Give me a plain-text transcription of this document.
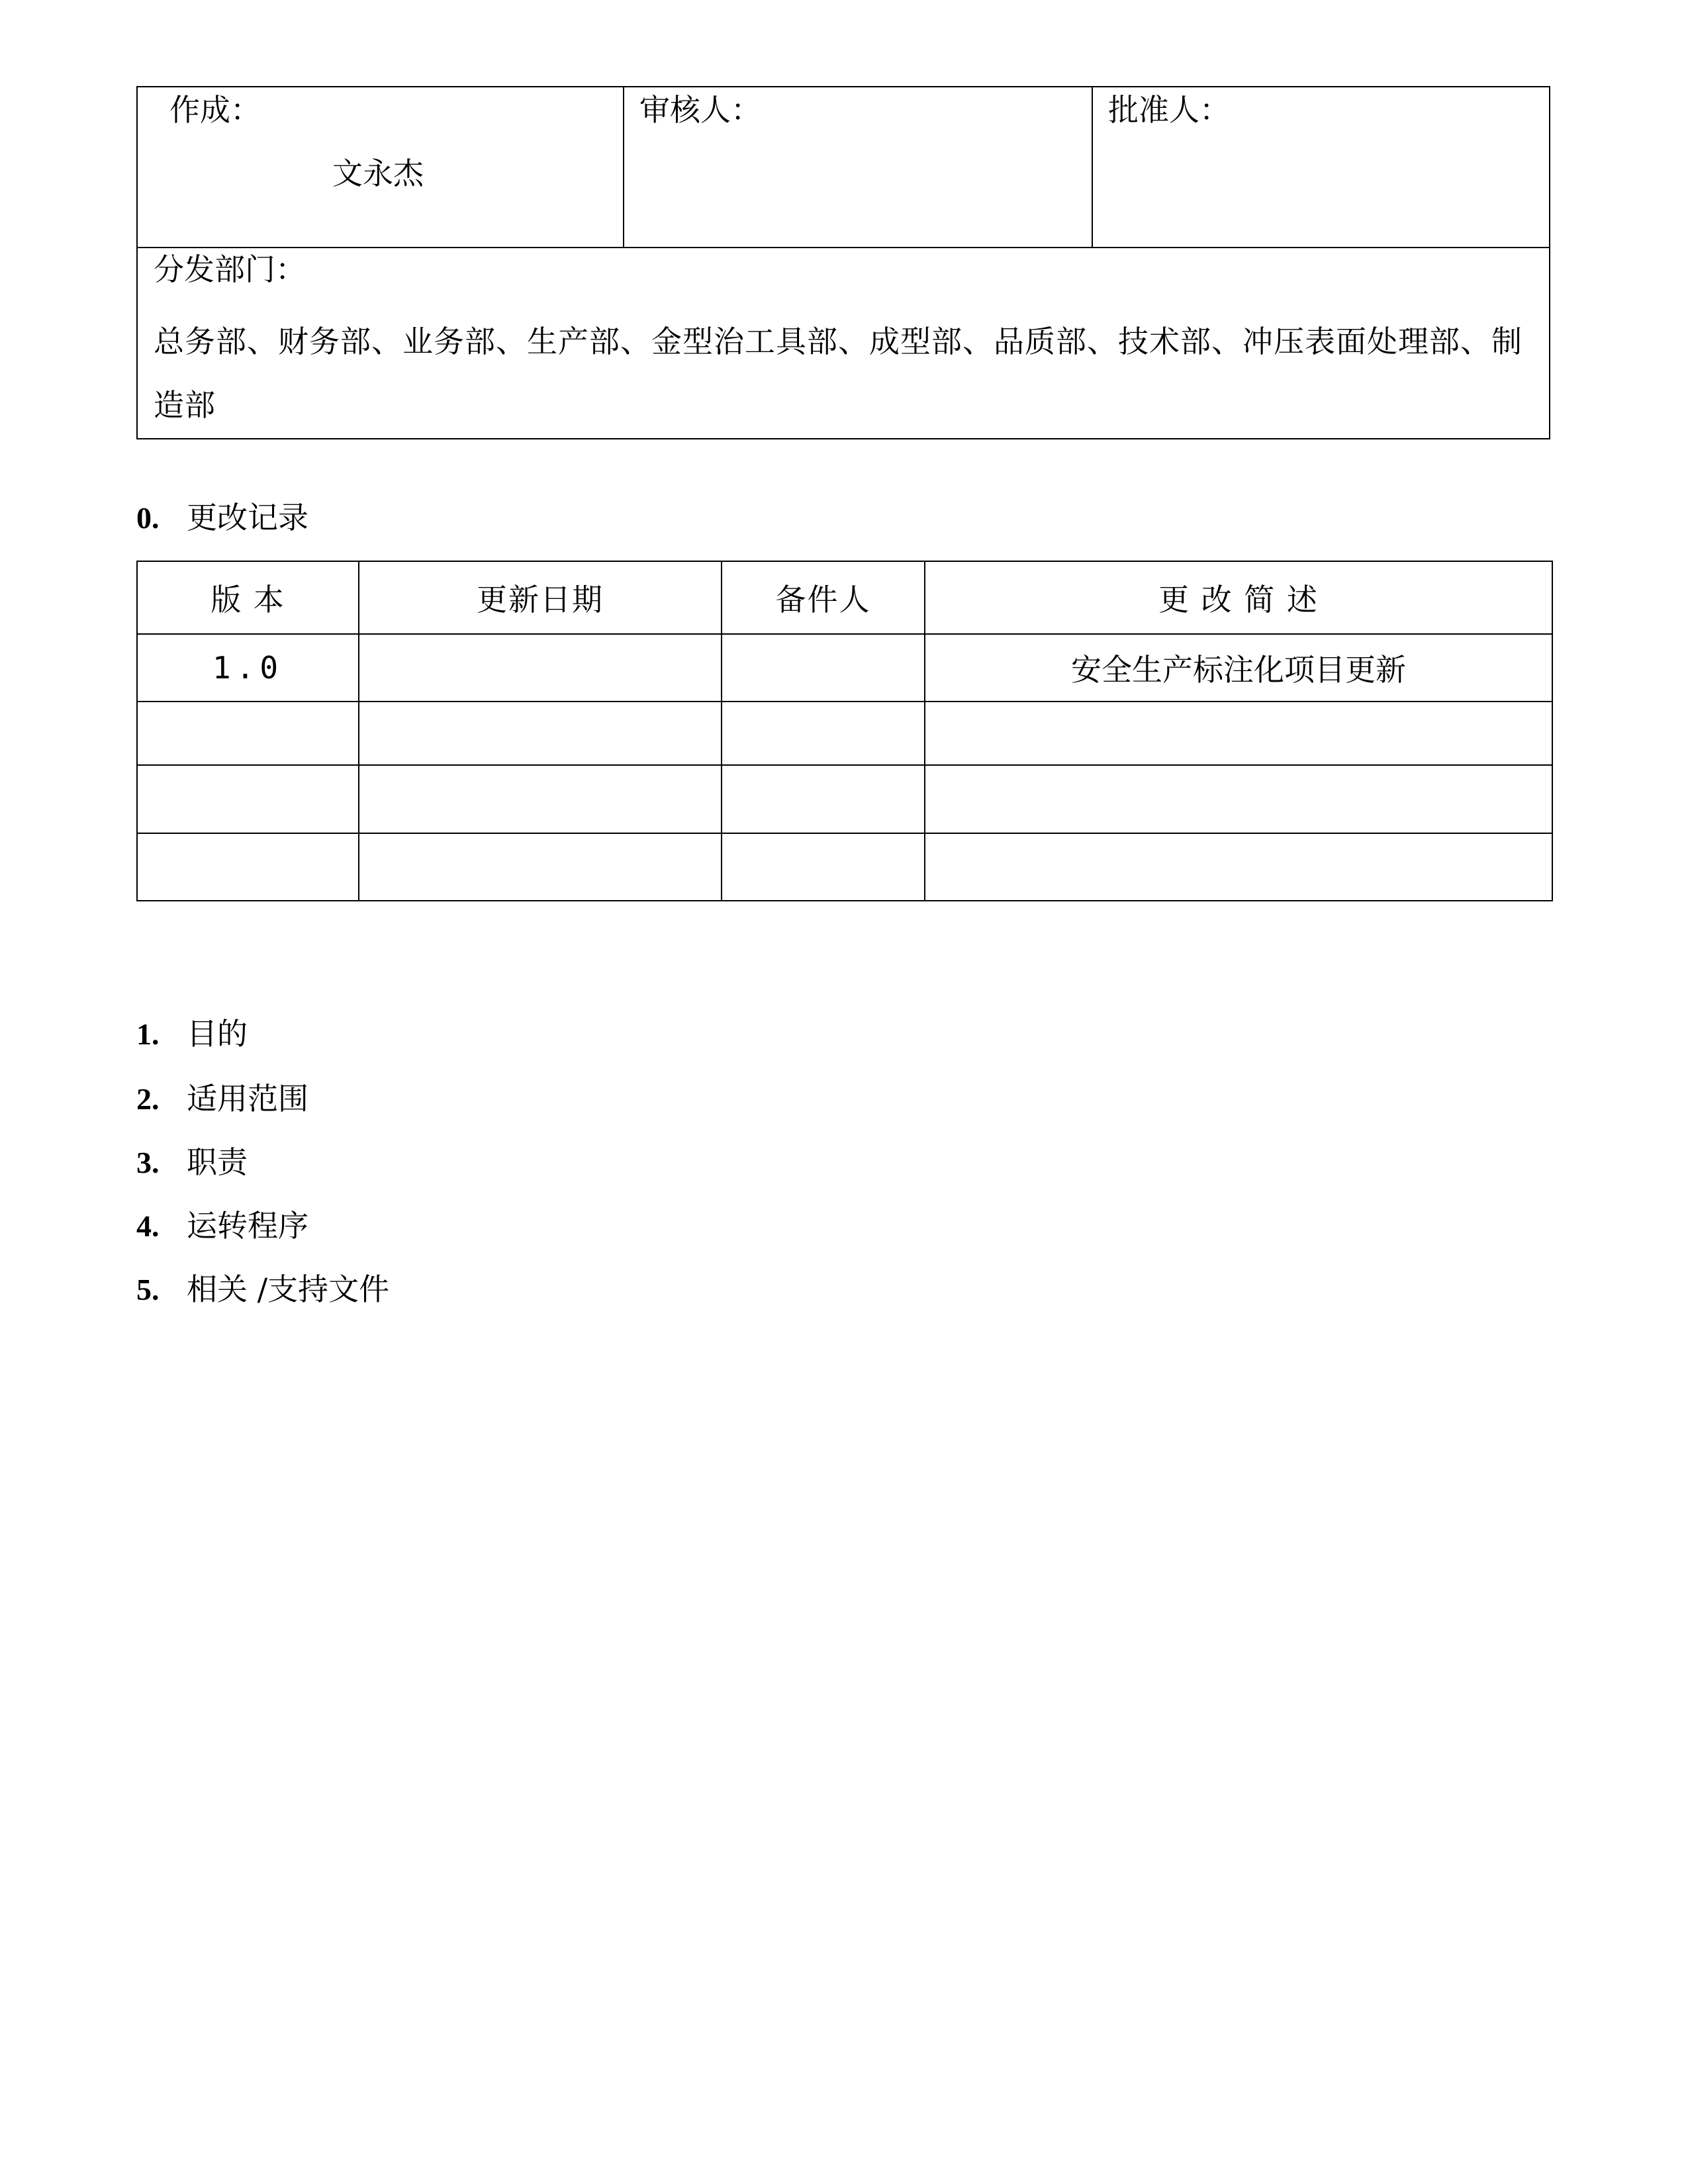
作成：
文永杰
审核人：	批准人：
分发部门：
总务部、财务部、业务部、生产部、金型治工具部、成型部、品质部、技术部、冲压表面处理部、制造部
0. 更改记录
版 本	更新日期	备件人	更 改 简 述
1.0			安全生产标注化项目更新

1. 目的
2. 适用范围
3. 职责
4. 运转程序
5. 相关 /支持文件
